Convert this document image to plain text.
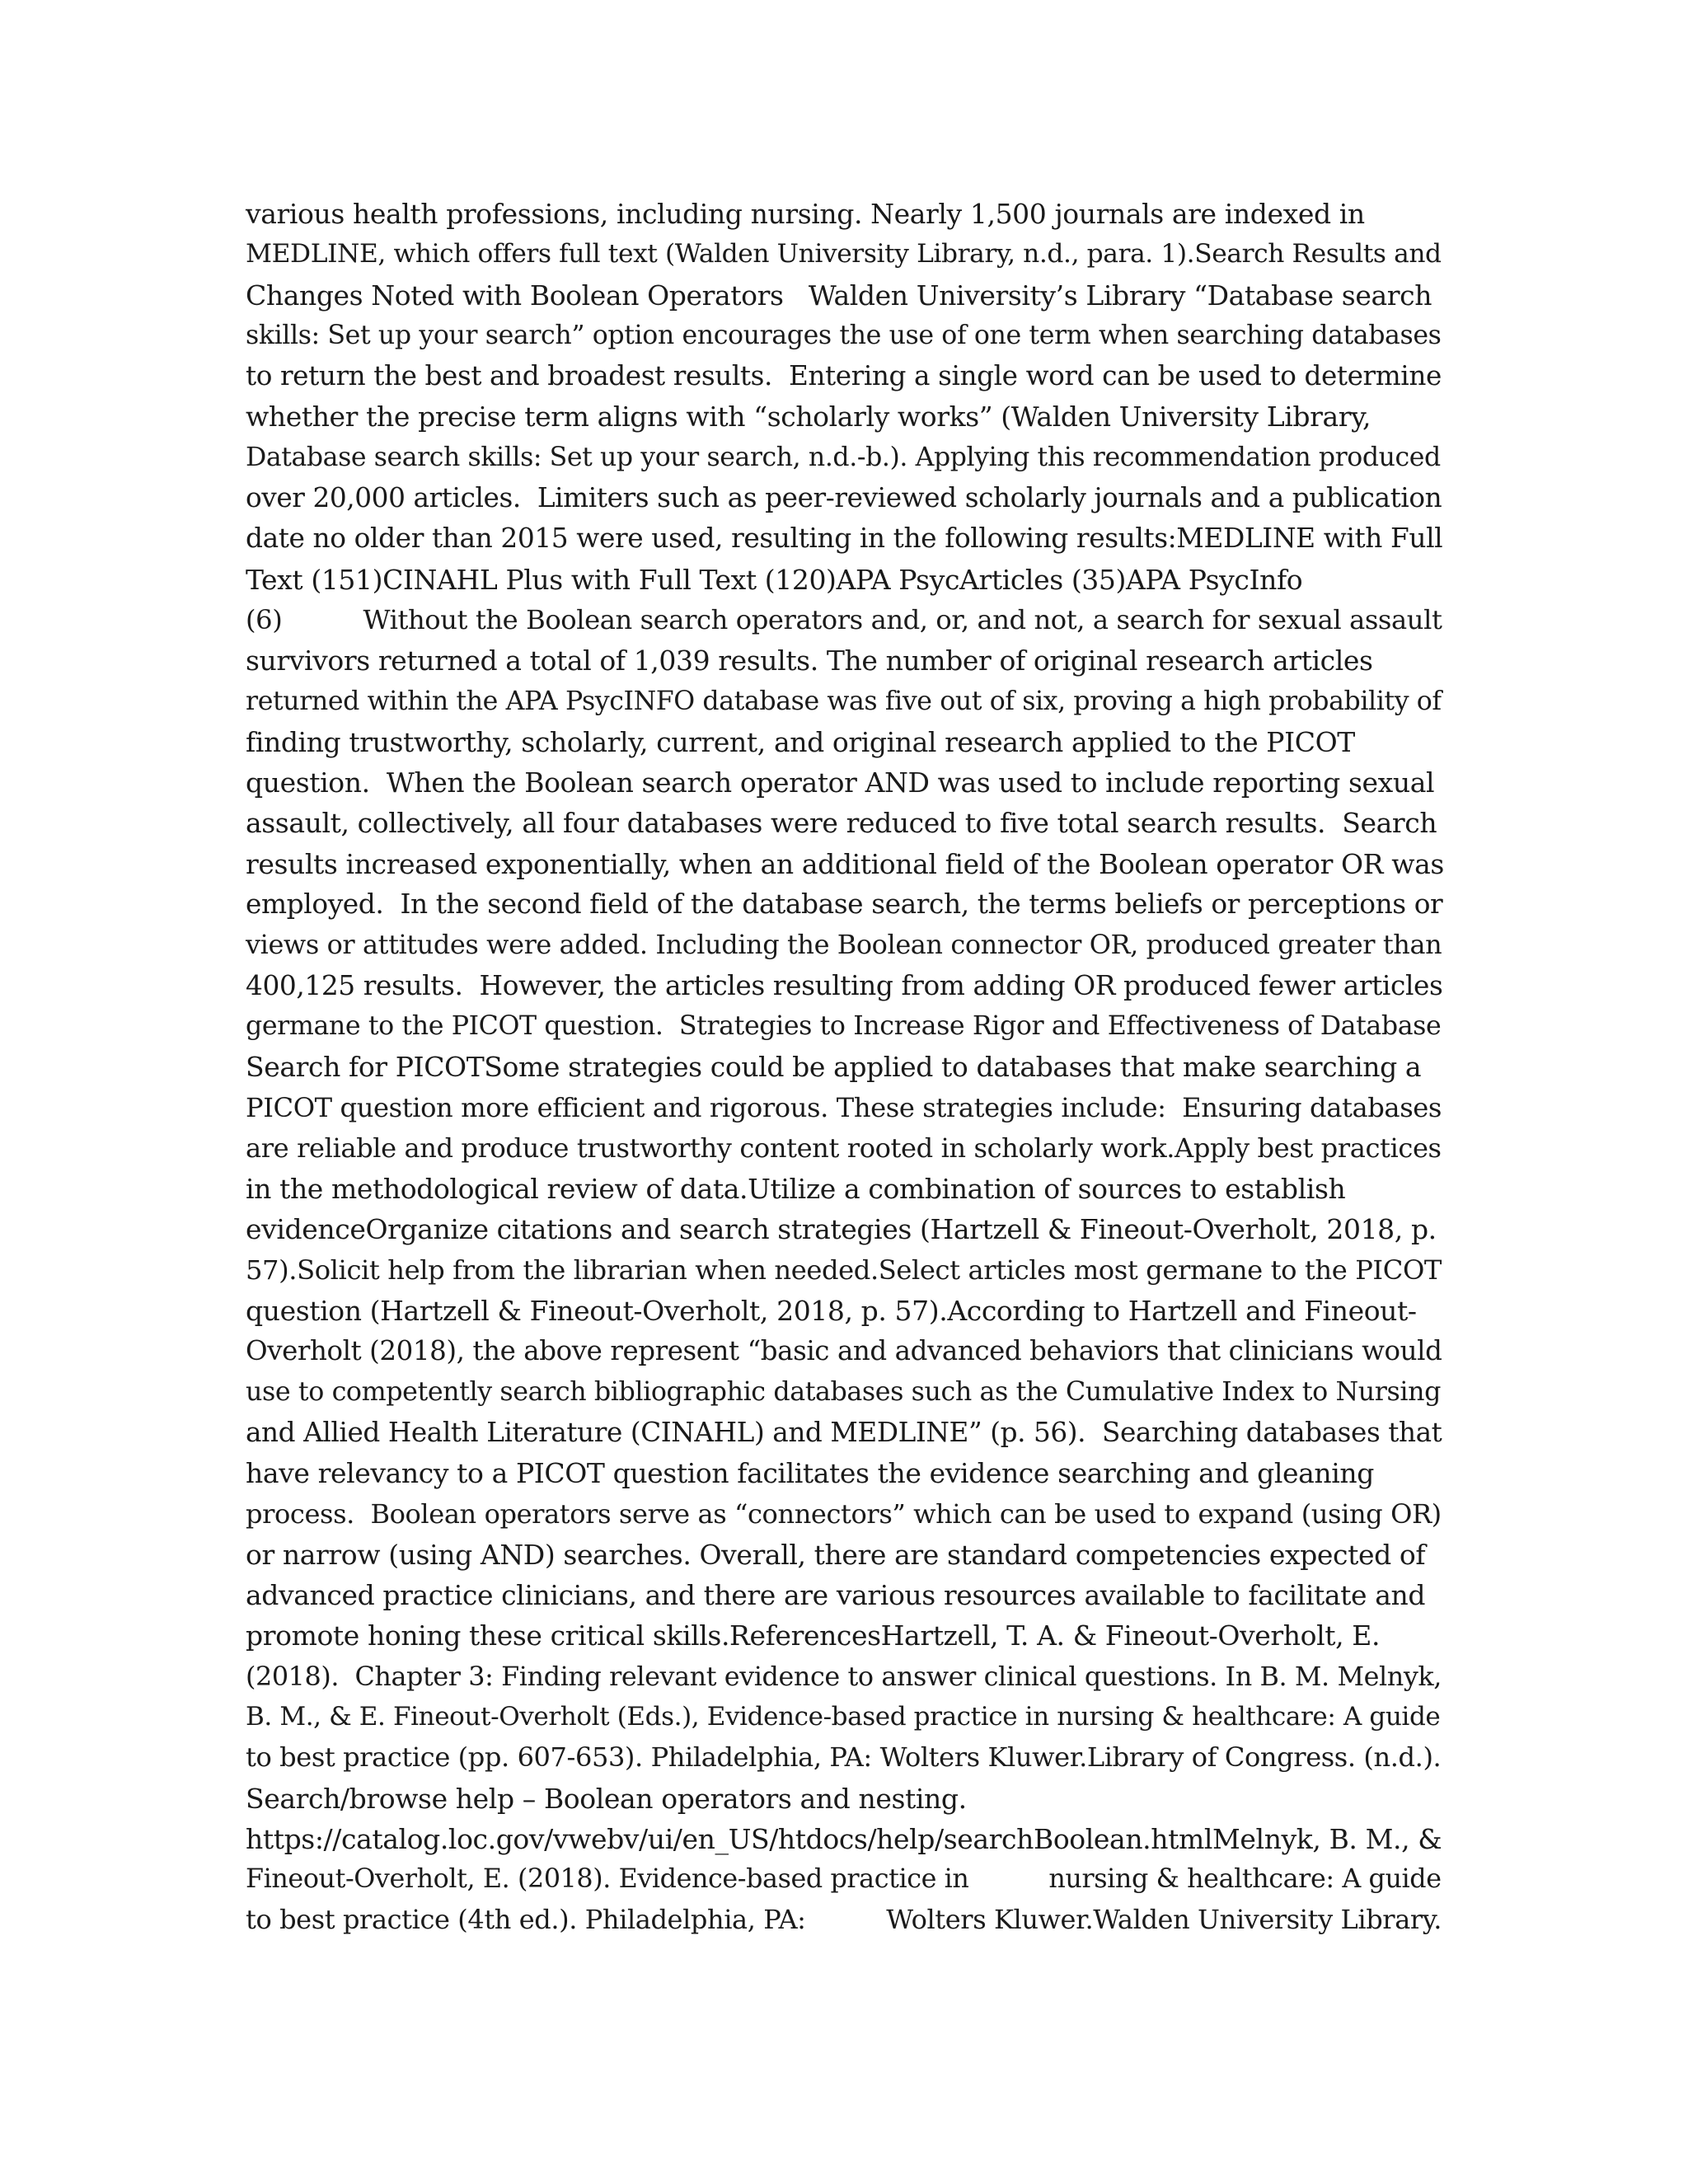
various health professions, including nursing. Nearly 1,500 journals are indexed in
MEDLINE, which offers full text (Walden University Library, n.d., para. 1).Search Results and
Changes Noted with Boolean Operators   Walden University’s Library “Database search
skills: Set up your search” option encourages the use of one term when searching databases
to return the best and broadest results.  Entering a single word can be used to determine
whether the precise term aligns with “scholarly works” (Walden University Library,
Database search skills: Set up your search, n.d.-b.). Applying this recommendation produced
over 20,000 articles.  Limiters such as peer-reviewed scholarly journals and a publication
date no older than 2015 were used, resulting in the following results:MEDLINE with Full
Text (151)CINAHL Plus with Full Text (120)APA PsycArticles (35)APA PsycInfo
(6)          Without the Boolean search operators and, or, and not, a search for sexual assault
survivors returned a total of 1,039 results. The number of original research articles
returned within the APA PsycINFO database was five out of six, proving a high probability of
finding trustworthy, scholarly, current, and original research applied to the PICOT
question.  When the Boolean search operator AND was used to include reporting sexual
assault, collectively, all four databases were reduced to five total search results.  Search
results increased exponentially, when an additional field of the Boolean operator OR was
employed.  In the second field of the database search, the terms beliefs or perceptions or
views or attitudes were added. Including the Boolean connector OR, produced greater than
400,125 results.  However, the articles resulting from adding OR produced fewer articles
germane to the PICOT question.  Strategies to Increase Rigor and Effectiveness of Database
Search for PICOTSome strategies could be applied to databases that make searching a
PICOT question more efficient and rigorous. These strategies include:  Ensuring databases
are reliable and produce trustworthy content rooted in scholarly work.Apply best practices
in the methodological review of data.Utilize a combination of sources to establish
evidenceOrganize citations and search strategies (Hartzell & Fineout-Overholt, 2018, p.
57).Solicit help from the librarian when needed.Select articles most germane to the PICOT
question (Hartzell & Fineout-Overholt, 2018, p. 57).According to Hartzell and Fineout-
Overholt (2018), the above represent “basic and advanced behaviors that clinicians would
use to competently search bibliographic databases such as the Cumulative Index to Nursing
and Allied Health Literature (CINAHL) and MEDLINE” (p. 56).  Searching databases that
have relevancy to a PICOT question facilitates the evidence searching and gleaning
process.  Boolean operators serve as “connectors” which can be used to expand (using OR)
or narrow (using AND) searches. Overall, there are standard competencies expected of
advanced practice clinicians, and there are various resources available to facilitate and
promote honing these critical skills.ReferencesHartzell, T. A. & Fineout-Overholt, E.
(2018).  Chapter 3: Finding relevant evidence to answer clinical questions. In B. M. Melnyk,
B. M., & E. Fineout-Overholt (Eds.), Evidence-based practice in nursing & healthcare: A guide
to best practice (pp. 607-653). Philadelphia, PA: Wolters Kluwer.Library of Congress. (n.d.).
Search/browse help – Boolean operators and nesting.
https://catalog.loc.gov/vwebv/ui/en_US/htdocs/help/searchBoolean.htmlMelnyk, B. M., &
Fineout-Overholt, E. (2018). Evidence-based practice in          nursing & healthcare: A guide
to best practice (4th ed.). Philadelphia, PA:          Wolters Kluwer.Walden University Library.
